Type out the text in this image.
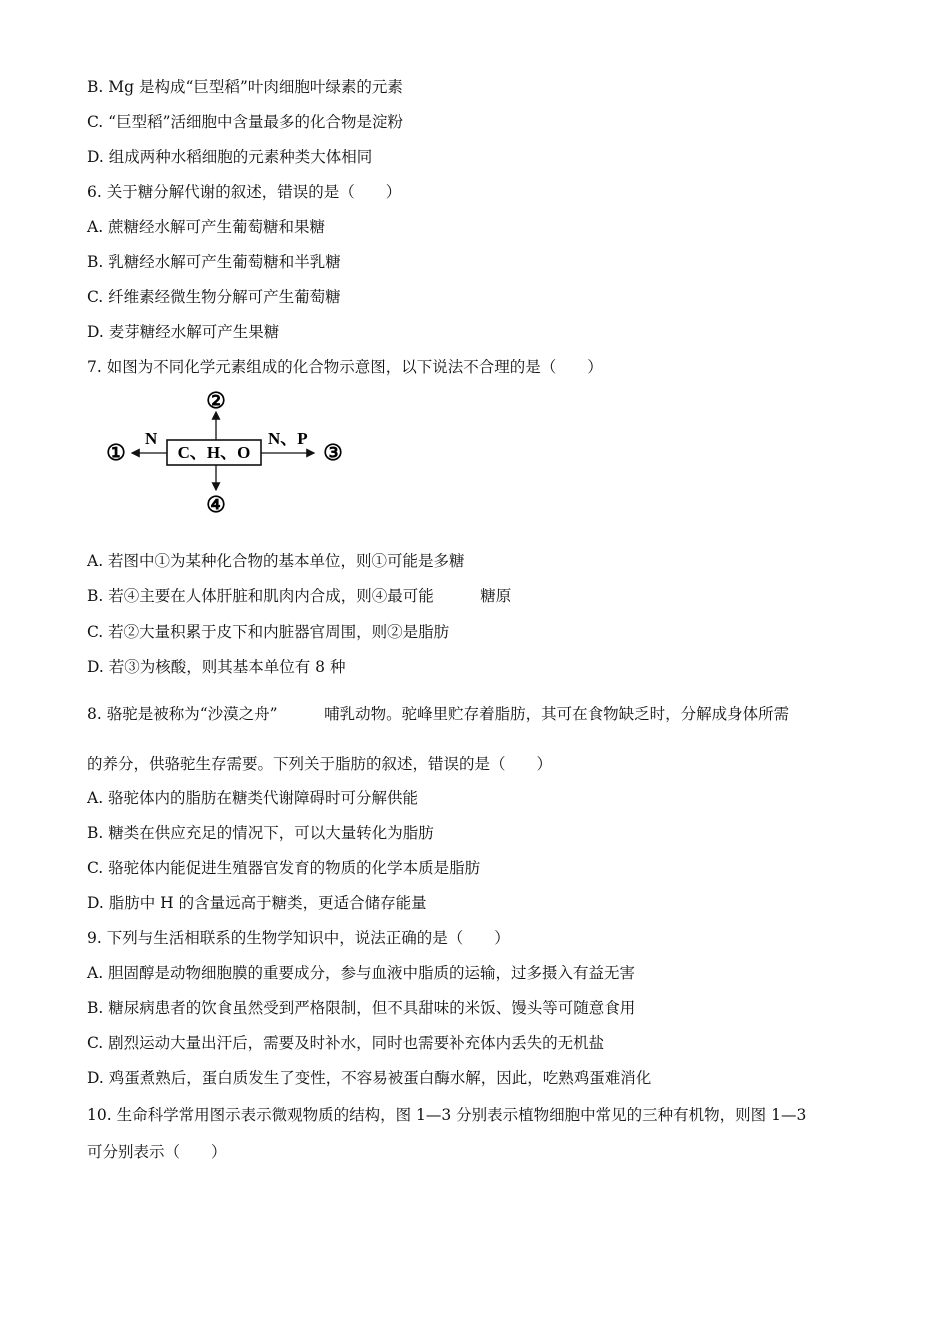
B. Mg 是构成“巨型稻”叶肉细胞叶绿素的元素
C. “巨型稻”活细胞中含量最多的化合物是淀粉
D. 组成两种水稻细胞的元素种类大体相同
6. 关于糖分解代谢的叙述，错误的是（　　）
A. 蔗糖经水解可产生葡萄糖和果糖
B. 乳糖经水解可产生葡萄糖和半乳糖
C. 纤维素经微生物分解可产生葡萄糖
D. 麦芽糖经水解可产生果糖
7. 如图为不同化学元素组成的化合物示意图，以下说法不合理的是（　　）
C、H、O
N
①
②
N、P
③
④
A. 若图中①为某种化合物的基本单位，则①可能是多糖
B. 若④主要在人体肝脏和肌肉内合成，则④最可能　　　糖原
C. 若②大量积累于皮下和内脏器官周围，则②是脂肪
D. 若③为核酸，则其基本单位有 8 种
8. 骆驼是被称为“沙漠之舟”　　　哺乳动物。驼峰里贮存着脂肪，其可在食物缺乏时，分解成身体所需
的养分，供骆驼生存需要。下列关于脂肪的叙述，错误的是（　　）
A. 骆驼体内的脂肪在糖类代谢障碍时可分解供能
B. 糖类在供应充足的情况下，可以大量转化为脂肪
C. 骆驼体内能促进生殖器官发育的物质的化学本质是脂肪
D. 脂肪中 H 的含量远高于糖类，更适合储存能量
9. 下列与生活相联系的生物学知识中，说法正确的是（　　）
A. 胆固醇是动物细胞膜的重要成分，参与血液中脂质的运输，过多摄入有益无害
B. 糖尿病患者的饮食虽然受到严格限制，但不具甜味的米饭、馒头等可随意食用
C. 剧烈运动大量出汗后，需要及时补水，同时也需要补充体内丢失的无机盐
D. 鸡蛋煮熟后，蛋白质发生了变性，不容易被蛋白酶水解，因此，吃熟鸡蛋难消化
10. 生命科学常用图示表示微观物质的结构，图 1—3 分别表示植物细胞中常见的三种有机物，则图 1—3
可分别表示（　　）
